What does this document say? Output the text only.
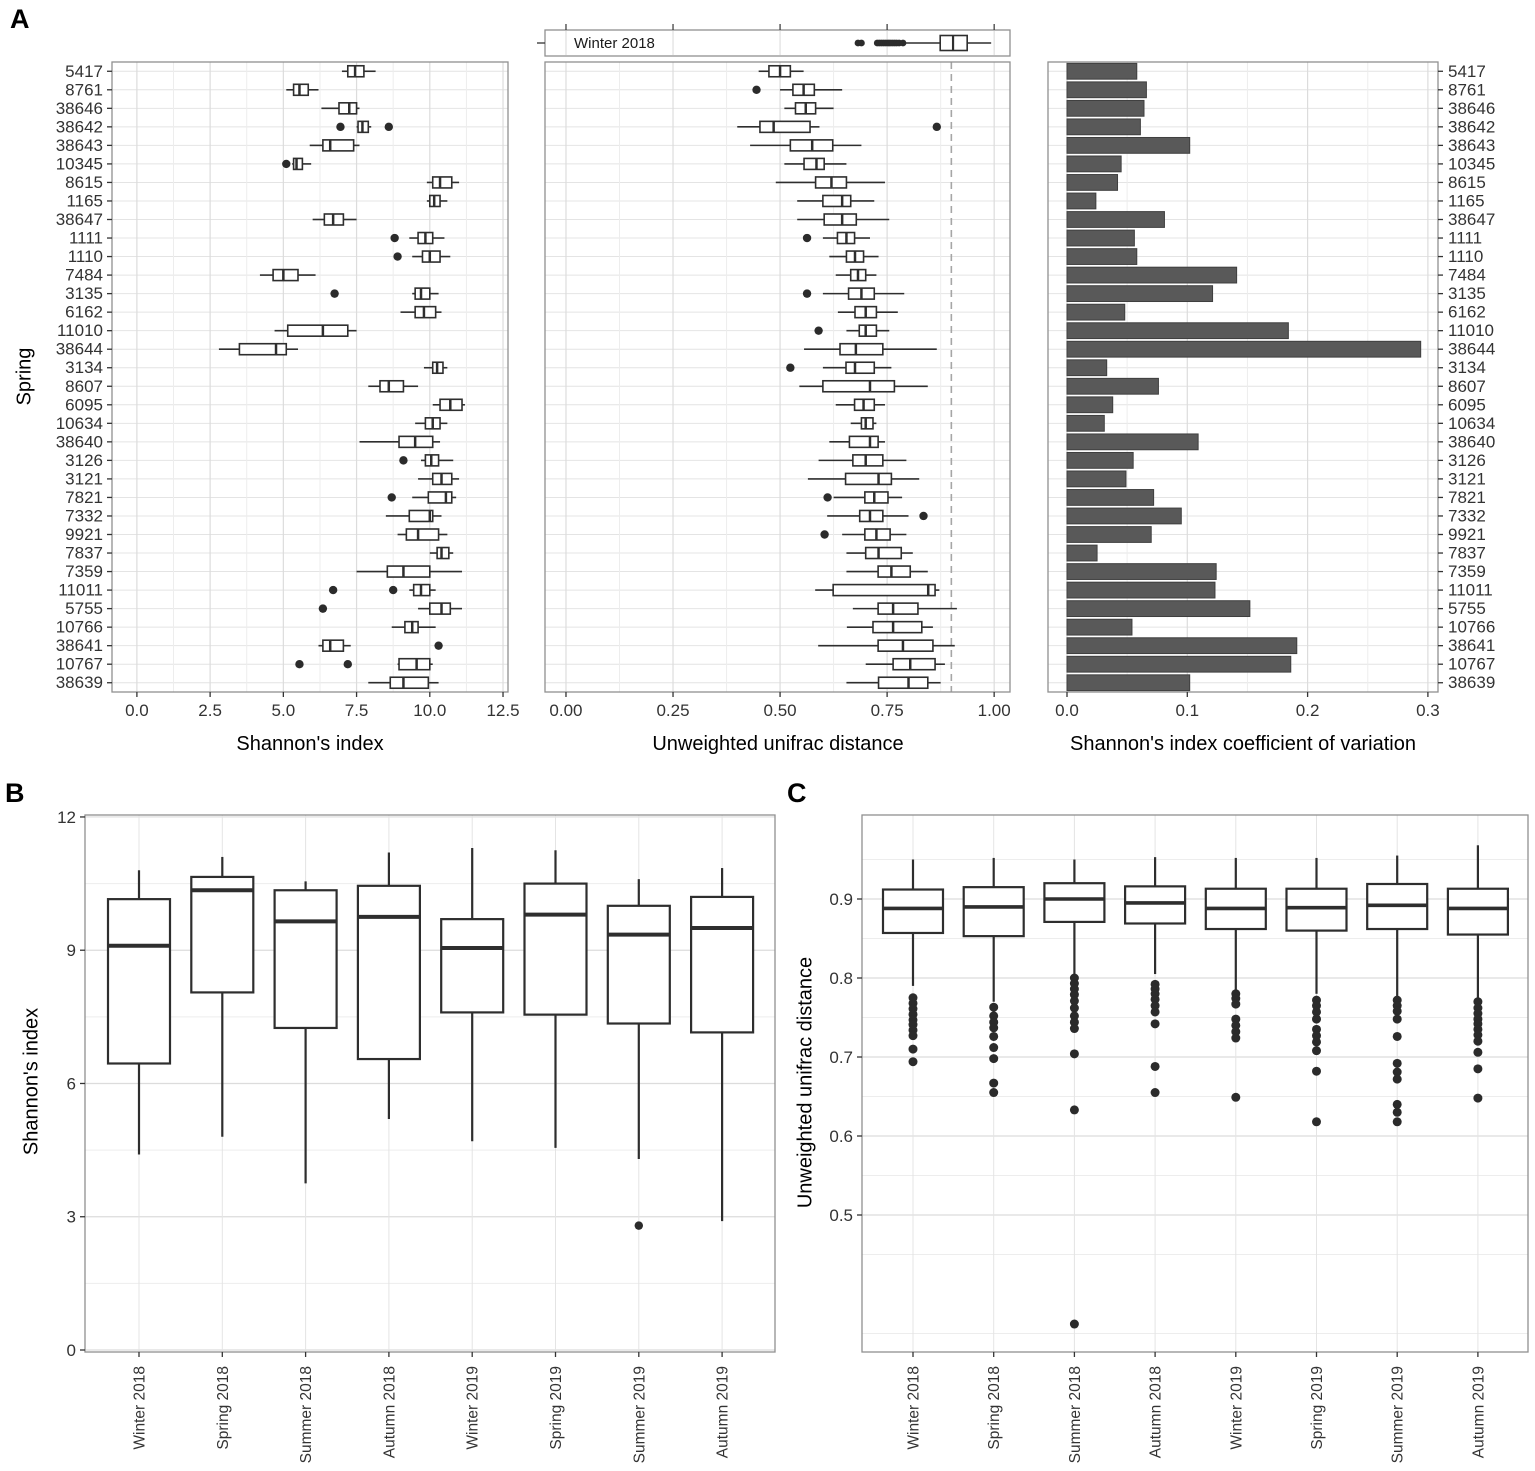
0.0	2.5	5.0	7.5	10.0 12.5
5417
8761
38646
38642
38643
10345
8615
1165
38647
1111
1110
7484
3135
6162
11010
38644
3134
8607
6095
10634
38640
3126
3121
7821
7332
9921
7837
7359
11011
5755
10766
38641
10767
38639
0.00	0.25	0.50	0.75	1.00	0.0	0.1	0.2	0.3
5417
8761
38646
38642
38643
10345
8615
1165
38647
1111
1110
7484
3135
6162
11010
38644
3134
8607
6095
10634
38640
3126
3121
7821
7332
9921
7837
7359
11011
5755
10766
38641
10767
38639
0
3
6
9
12
Winter 2018	Spring 2018	Summer 2018	Autumn 2018	Winter 2019	Spring 2019	Summer 2019	Autumn 2019
0.5
0.6
0.7
0.8
0.9
Winter 2018	Spring 2018	Summer 2018	Autumn 2018	Winter 2019	Spring 2019	Summer 2019	Autumn 2019
A
B	C
Winter 2018
Shannon's index	Unweighted unifrac distance	Shannon's index coefficient of variation
Spring
Shannon's index	Unweighted unifrac distance
